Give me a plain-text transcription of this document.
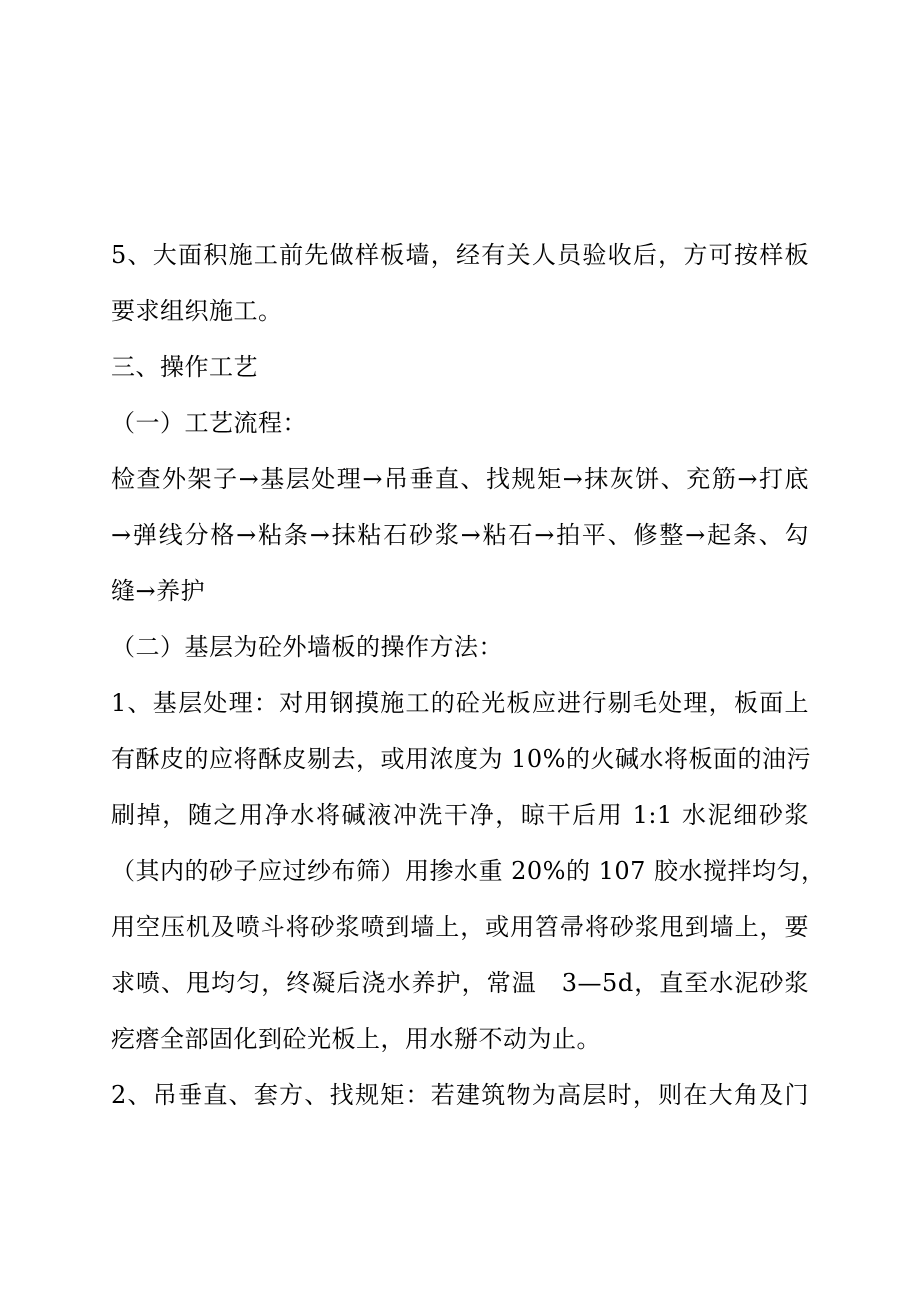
5、大面积施工前先做样板墙，经有关人员验收后，方可按样板
要求组织施工。
三、操作工艺
（一）工艺流程：
检查外架子→基层处理→吊垂直、找规矩→抹灰饼、充筋→打底
→弹线分格→粘条→抹粘石砂浆→粘石→拍平、修整→起条、勾
缝→养护
（二）基层为砼外墙板的操作方法：
1、基层处理：对用钢摸施工的砼光板应进行剔毛处理，板面上
有酥皮的应将酥皮剔去，或用浓度为 10%的火碱水将板面的油污
刷掉，随之用净水将碱液冲洗干净，晾干后用 1:1 水泥细砂浆
（其内的砂子应过纱布筛）用掺水重 20%的 107 胶水搅拌均匀，
用空压机及喷斗将砂浆喷到墙上，或用笤帚将砂浆甩到墙上，要
求喷、甩均匀，终凝后浇水养护，常温　3—5d，直至水泥砂浆
疙瘩全部固化到砼光板上，用水掰不动为止。
2、吊垂直、套方、找规矩：若建筑物为高层时，则在大角及门
